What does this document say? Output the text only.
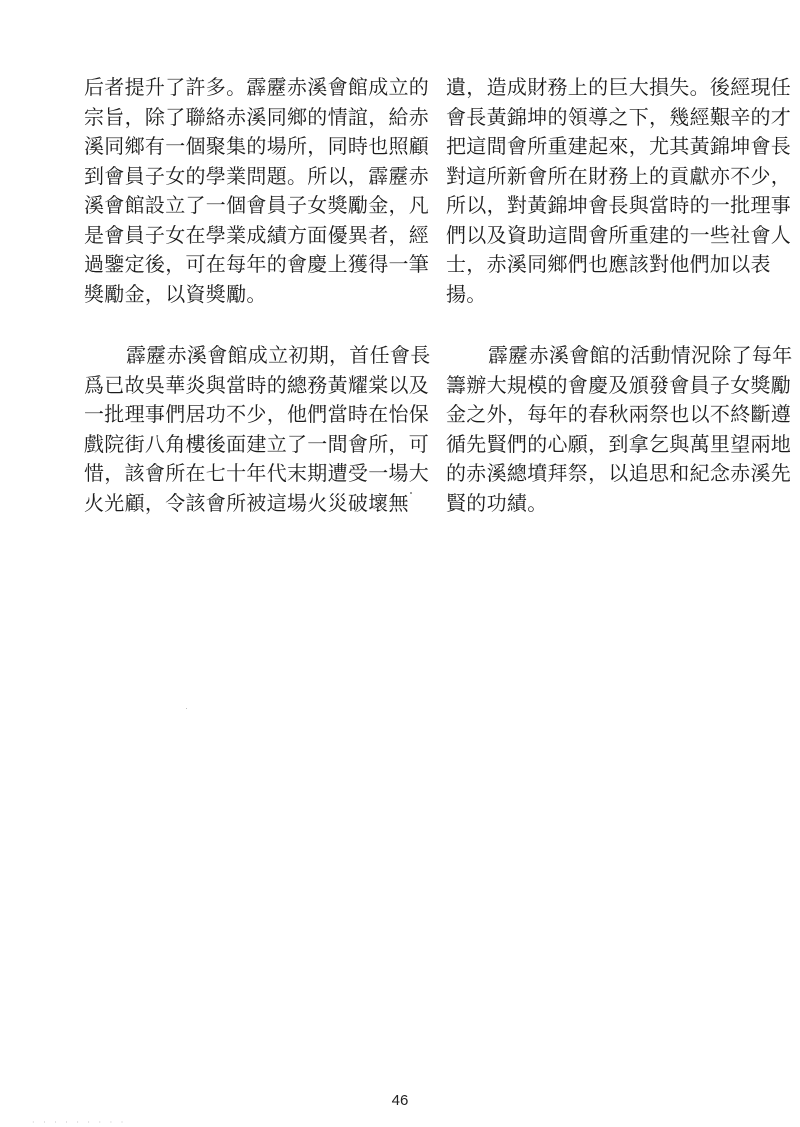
后者提升了許多。霹靂赤溪會館成立的
宗旨，除了聯絡赤溪同鄉的情誼，給赤
溪同鄉有一個聚集的場所，同時也照顧
到會員子女的學業問題。所以，霹靂赤
溪會館設立了一個會員子女獎勵金，凡
是會員子女在學業成績方面優異者，經
過鑒定後，可在每年的會慶上獲得一筆
獎勵金，以資獎勵。
霹靂赤溪會館成立初期，首任會長
爲已故吳華炎與當時的總務黃耀棠以及
一批理事們居功不少，他們當時在怡保
戲院街八角樓後面建立了一間會所，可
惜，該會所在七十年代末期遭受一場大
火光顧，令該會所被這場火災破壞無
遺，造成財務上的巨大損失。後經現任
會長黃錦坤的領導之下，幾經艱辛的才
把這間會所重建起來，尤其黃錦坤會長
對這所新會所在財務上的貢獻亦不少，
所以，對黃錦坤會長與當時的一批理事
們以及資助這間會所重建的一些社會人
士，赤溪同鄉們也應該對他們加以表
揚。
霹靂赤溪會館的活動情況除了每年
籌辦大規模的會慶及頒發會員子女獎勵
金之外，每年的春秋兩祭也以不終斷遵
循先賢們的心願，到拿乞與萬里望兩地
的赤溪總墳拜祭，以追思和紀念赤溪先
賢的功績。
· · · · · · · · ·
46
